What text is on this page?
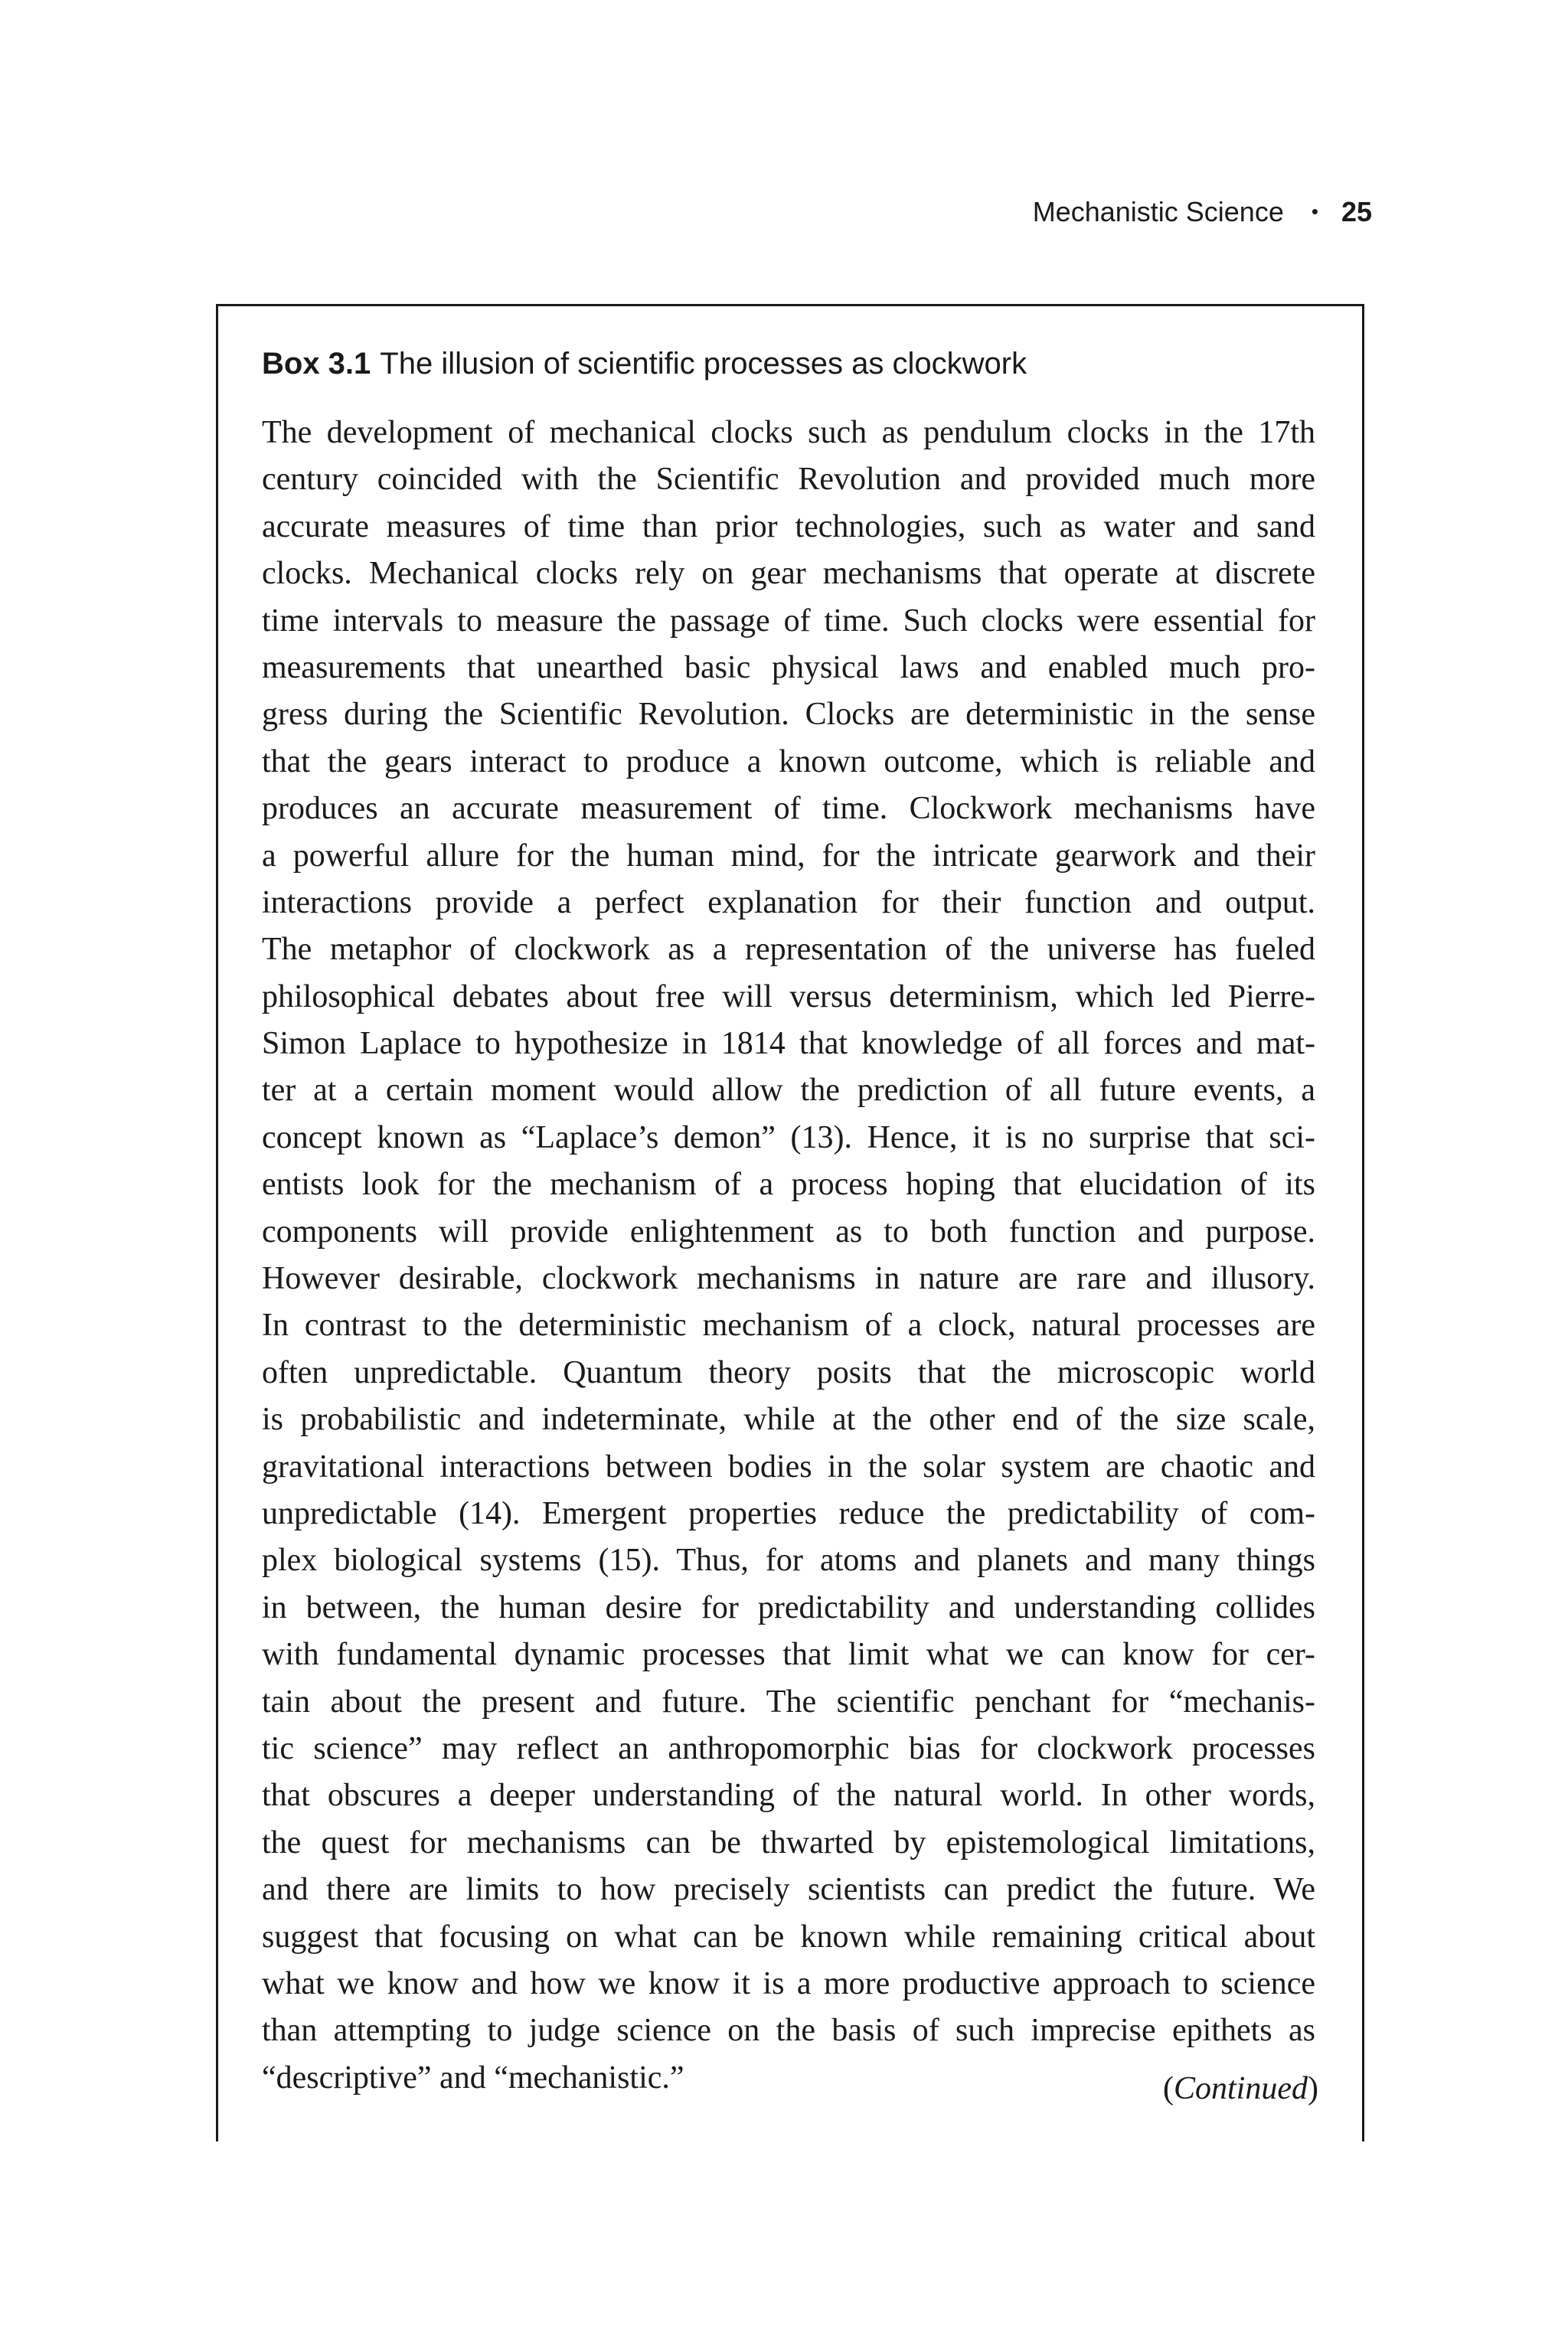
Mechanistic Science • 25
Box 3.1 The illusion of scientific processes as clockwork
The development of mechanical clocks such as pendulum clocks in the 17th
century coincided with the Scientific Revolution and provided much more
accurate measures of time than prior technologies, such as water and sand
clocks. Mechanical clocks rely on gear mechanisms that operate at discrete
time intervals to measure the passage of time. Such clocks were essential for
measurements that unearthed basic physical laws and enabled much pro-
gress during the Scientific Revolution. Clocks are deterministic in the sense
that the gears interact to produce a known outcome, which is reliable and
produces an accurate measurement of time. Clockwork mechanisms have
a powerful allure for the human mind, for the intricate gearwork and their
interactions provide a perfect explanation for their function and output.
The metaphor of clockwork as a representation of the universe has fueled
philosophical debates about free will versus determinism, which led Pierre-
Simon Laplace to hypothesize in 1814 that knowledge of all forces and mat-
ter at a certain moment would allow the prediction of all future events, a
concept known as “Laplace’s demon” (13). Hence, it is no surprise that sci-
entists look for the mechanism of a process hoping that elucidation of its
components will provide enlightenment as to both function and purpose.
However desirable, clockwork mechanisms in nature are rare and illusory.
In contrast to the deterministic mechanism of a clock, natural processes are
often unpredictable. Quantum theory posits that the microscopic world
is probabilistic and indeterminate, while at the other end of the size scale,
gravitational interactions between bodies in the solar system are chaotic and
unpredictable (14). Emergent properties reduce the predictability of com-
plex biological systems (15). Thus, for atoms and planets and many things
in between, the human desire for predictability and understanding collides
with fundamental dynamic processes that limit what we can know for cer-
tain about the present and future. The scientific penchant for “mechanis-
tic science” may reflect an anthropomorphic bias for clockwork processes
that obscures a deeper understanding of the natural world. In other words,
the quest for mechanisms can be thwarted by epistemological limitations,
and there are limits to how precisely scientists can predict the future. We
suggest that focusing on what can be known while remaining critical about
what we know and how we know it is a more productive approach to science
than attempting to judge science on the basis of such imprecise epithets as
“descriptive” and “mechanistic.”	(Continued)
